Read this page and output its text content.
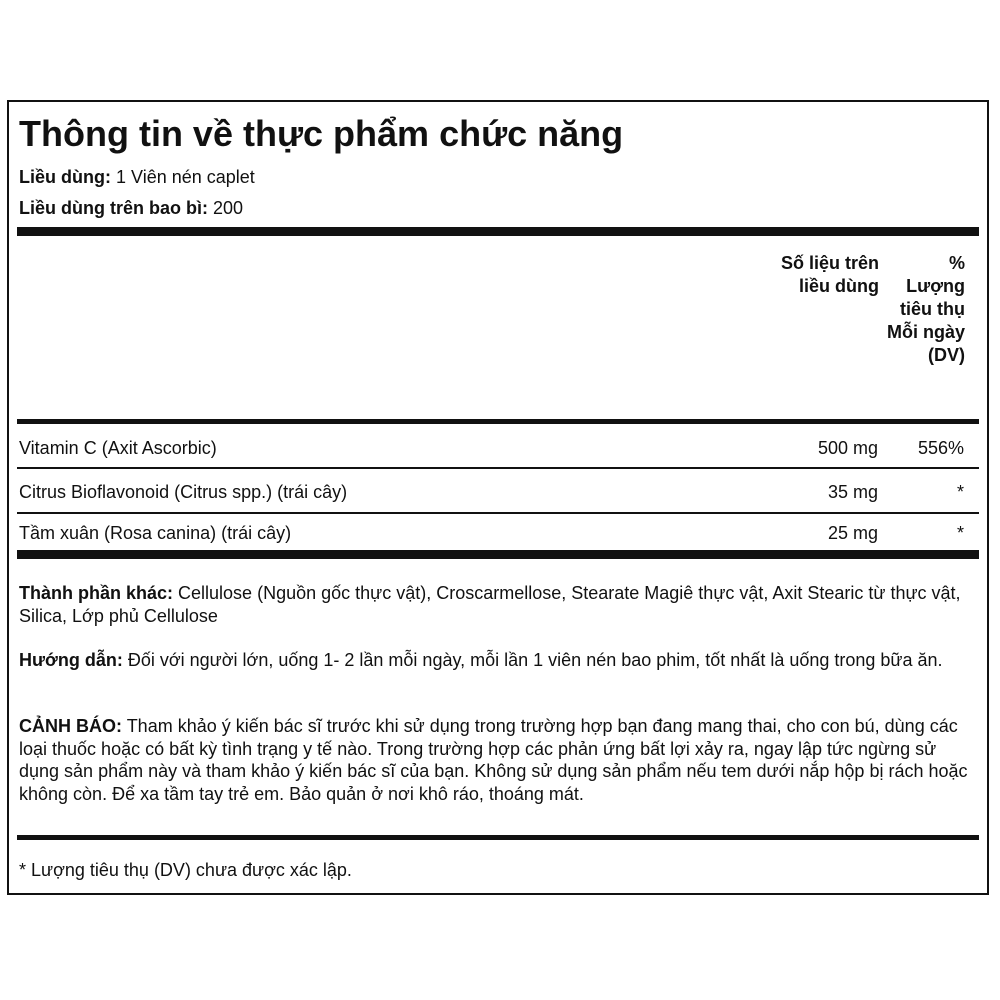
Thông tin về thực phẩm chức năng
Liều dùng: 1 Viên nén caplet
Liều dùng trên bao bì: 200
Số liệu trên liều dùng
% Lượng tiêu thụ Mỗi ngày (DV)
Vitamin C (Axit Ascorbic)	500 mg 556%
Citrus Bioflavonoid (Citrus spp.) (trái cây)	35 mg	*
Tầm xuân (Rosa canina) (trái cây)	25 mg	*

Thành phần khác: Cellulose (Nguồn gốc thực vật), Croscarmellose, Stearate Magiê thực vật, Axit Stearic từ thực vật, Silica, Lớp phủ Cellulose

Hướng dẫn: Đối với người lớn, uống 1- 2 lần mỗi ngày, mỗi lần 1 viên nén bao phim, tốt nhất là uống trong bữa ăn.

CẢNH BÁO: Tham khảo ý kiến bác sĩ trước khi sử dụng trong trường hợp bạn đang mang thai, cho con bú, dùng các loại thuốc hoặc có bất kỳ tình trạng y tế nào. Trong trường hợp các phản ứng bất lợi xảy ra, ngay lập tức ngừng sử dụng sản phẩm này và tham khảo ý kiến bác sĩ của bạn. Không sử dụng sản phẩm nếu tem dưới nắp hộp bị rách hoặc không còn. Để xa tầm tay trẻ em. Bảo quản ở nơi khô ráo, thoáng mát.

* Lượng tiêu thụ (DV) chưa được xác lập.
